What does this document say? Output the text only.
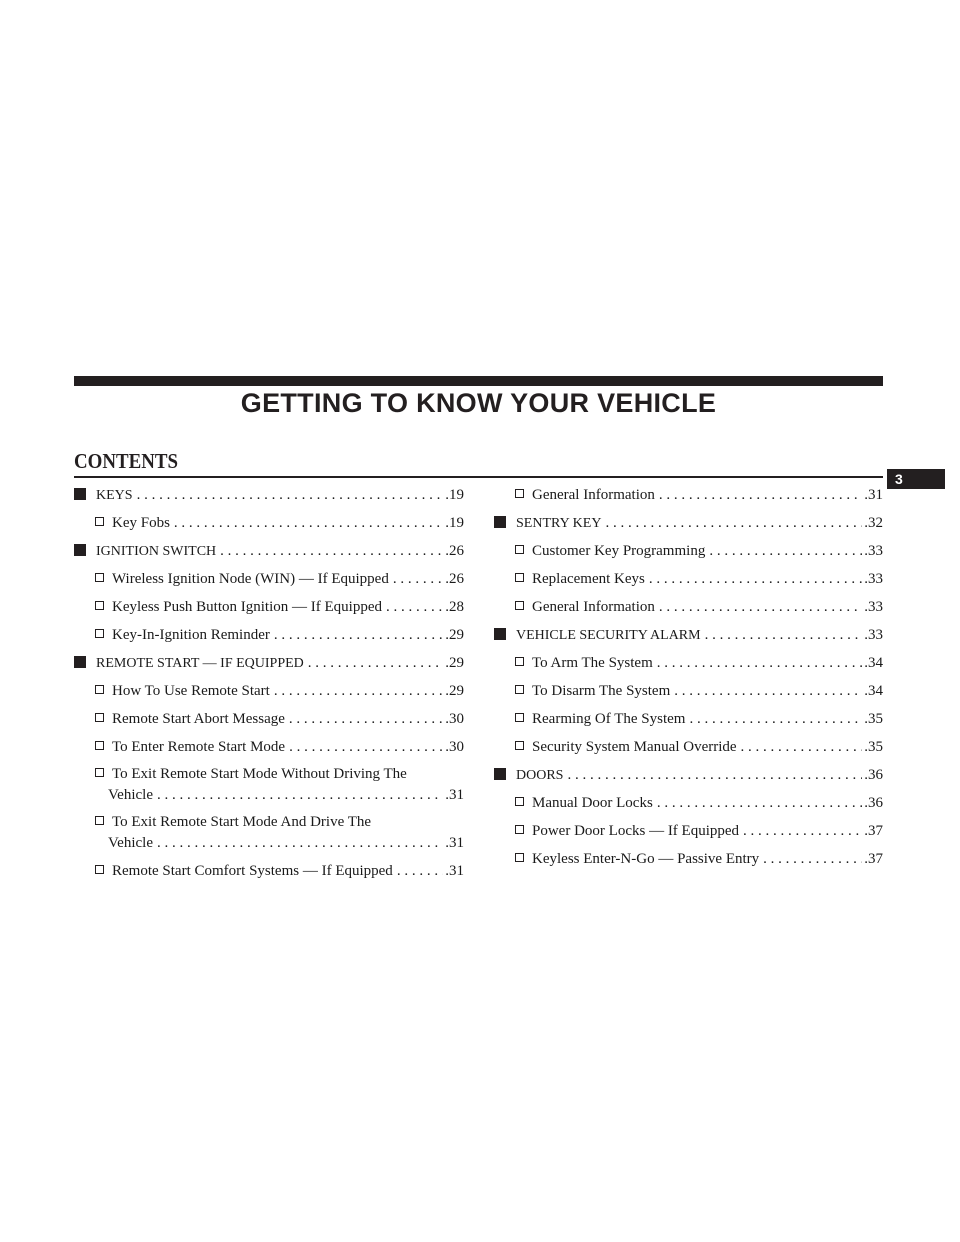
GETTING TO KNOW YOUR VEHICLE
CONTENTS
3
KEYS . . .	.19
Key Fobs . . .	.19
IGNITION SWITCH . . .	.26
Wireless Ignition Node (WIN) — If Equipped . . .	.26
Keyless Push Button Ignition — If Equipped . . .	.28
Key-In-Ignition Reminder . . .	.29
REMOTE START — IF EQUIPPED . . .	.29
How To Use Remote Start . . .	.29
Remote Start Abort Message . . .	.30
To Enter Remote Start Mode . . .	.30
To Exit Remote Start Mode Without Driving The
Vehicle . . .	.31
To Exit Remote Start Mode And Drive The
Vehicle . . .	.31
Remote Start Comfort Systems — If Equipped . . .	.31
General Information . . .	.31
SENTRY KEY . . .	.32
Customer Key Programming . . .	.33
Replacement Keys . . .	.33
General Information . . .	.33
VEHICLE SECURITY ALARM . . .	.33
To Arm The System . . .	.34
To Disarm The System . . .	.34
Rearming Of The System . . .	.35
Security System Manual Override . . .	.35
DOORS . . .	.36
Manual Door Locks . . .	.36
Power Door Locks — If Equipped . . .	.37
Keyless Enter-N-Go — Passive Entry . . .	.37
